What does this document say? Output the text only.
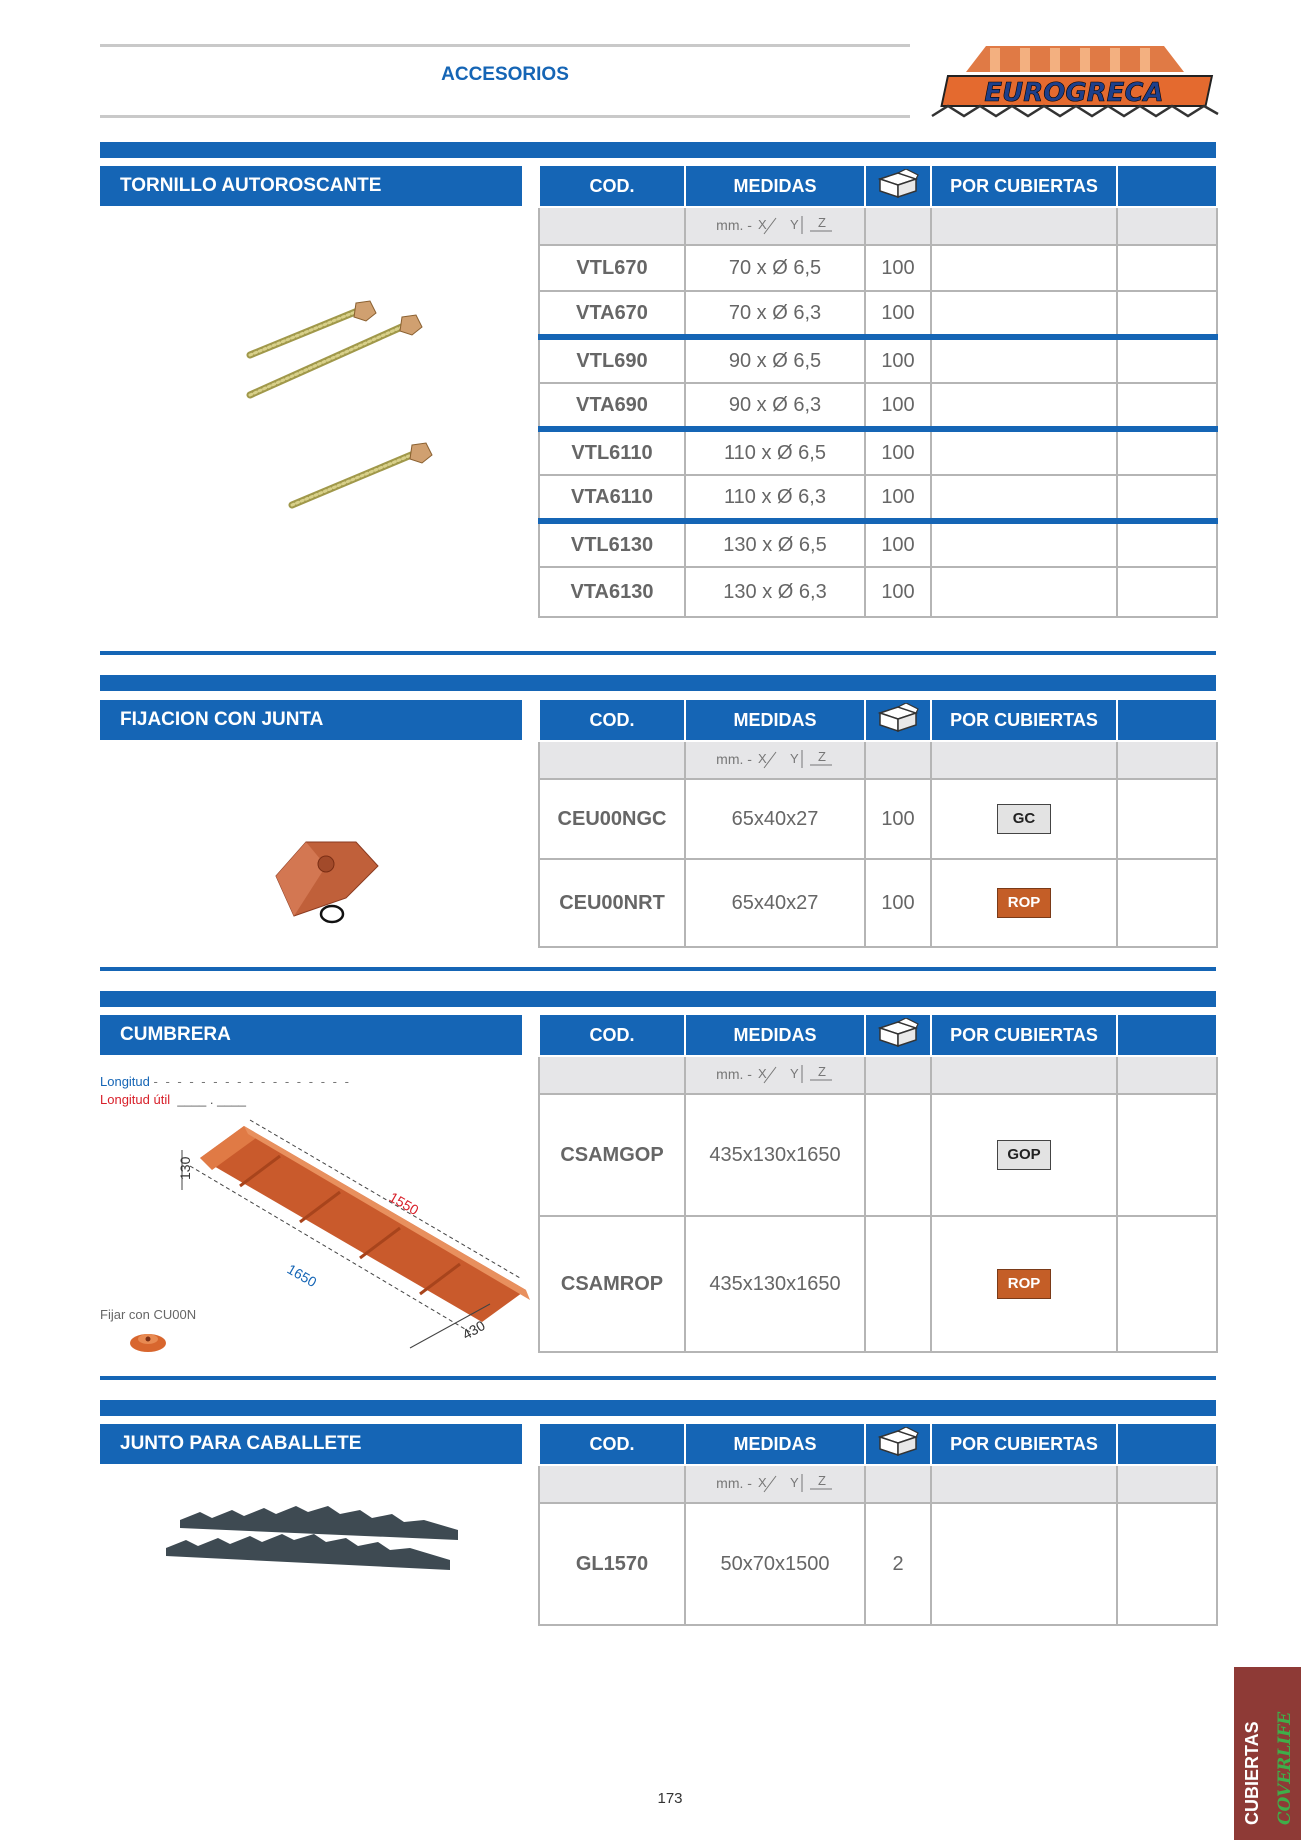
ACCESORIOS
EUROGRECA
TORNILLO AUTOROSCANTE	COD.	MEDIDAS		POR CUBIERTAS	
	mm. - X Y Z			

VTL670	70 x Ø 6,5	100		
VTA670	70 x Ø 6,3	100		
VTL690	90 x Ø 6,5	100		
VTA690	90 x Ø 6,3	100		
VTL6110	110 x Ø 6,5	100		
VTA6110	110 x Ø 6,3	100		
VTL6130	130 x Ø 6,5	100		
VTA6130	130 x Ø 6,3	100		
FIJACION CON JUNTA	COD.	MEDIDAS		POR CUBIERTAS	
	mm. - X Y Z			

CEU00NGC	65x40x27	100	GC	
CEU00NRT	65x40x27	100	ROP	
CUMBRERA
Longitud - - - - - - - - - - - - - - - - -
Longitud útil  ____ . ____
130
1550
1650
430
Fijar con CU00N
COD.	MEDIDAS		POR CUBIERTAS	
	mm. - X Y Z			

CSAMGOP	435x130x1650		GOP	
CSAMROP	435x130x1650		ROP	
JUNTO PARA CABALLETE	COD.	MEDIDAS		POR CUBIERTAS	
	mm. - X Y Z			

GL1570	50x70x1500	2		
173	CUBIERTAS COVERLIFE
